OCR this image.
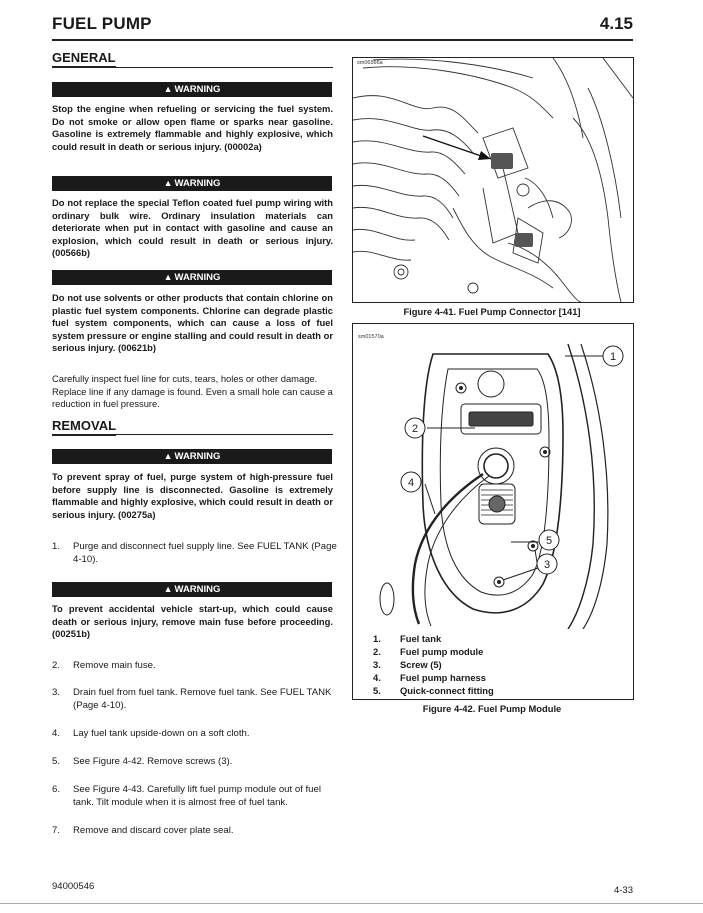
FUEL PUMP	4.15
GENERAL
▲ WARNING
Stop the engine when refueling or servicing the fuel system. Do not smoke or allow open flame or sparks near gasoline. Gasoline is extremely flammable and highly explosive, which could result in death or serious injury. (00002a)
▲ WARNING
Do not replace the special Teflon coated fuel pump wiring with ordinary bulk wire. Ordinary insulation materials can deteriorate when put in contact with gasoline and cause an explosion, which could result in death or serious injury. (00566b)
▲ WARNING
Do not use solvents or other products that contain chlorine on plastic fuel system components. Chlorine can degrade plastic fuel system components, which can cause a loss of fuel system pressure or engine stalling and could result in death or serious injury. (00621b)
Carefully inspect fuel line for cuts, tears, holes or other damage. Replace line if any damage is found. Even a small hole can cause a reduction in fuel pressure.
REMOVAL
▲ WARNING
To prevent spray of fuel, purge system of high-pressure fuel before supply line is disconnected. Gasoline is extremely flammable and highly explosive, which could result in death or serious injury. (00275a)
1.	Purge and disconnect fuel supply line. See FUEL TANK (Page 4-10).
▲ WARNING
To prevent accidental vehicle start-up, which could cause death or serious injury, remove main fuse before proceeding. (00251b)
2.	Remove main fuse.
3.	Drain fuel from fuel tank. Remove fuel tank. See FUEL TANK (Page 4-10).
4.	Lay fuel tank upside-down on a soft cloth.
5.	See Figure 4-42. Remove screws (3).
6.	See Figure 4-43. Carefully lift fuel pump module out of fuel tank. Tilt module when it is almost free of fuel tank.
7.	Remove and discard cover plate seal.
sm06566a
Figure 4-41. Fuel Pump Connector [141]
1
2
3
4
5
sm01570a
1. Fuel tank
2. Fuel pump module
3. Screw (5)
4. Fuel pump harness
5. Quick-connect fitting
Figure 4-42. Fuel Pump Module
94000546	4-33
